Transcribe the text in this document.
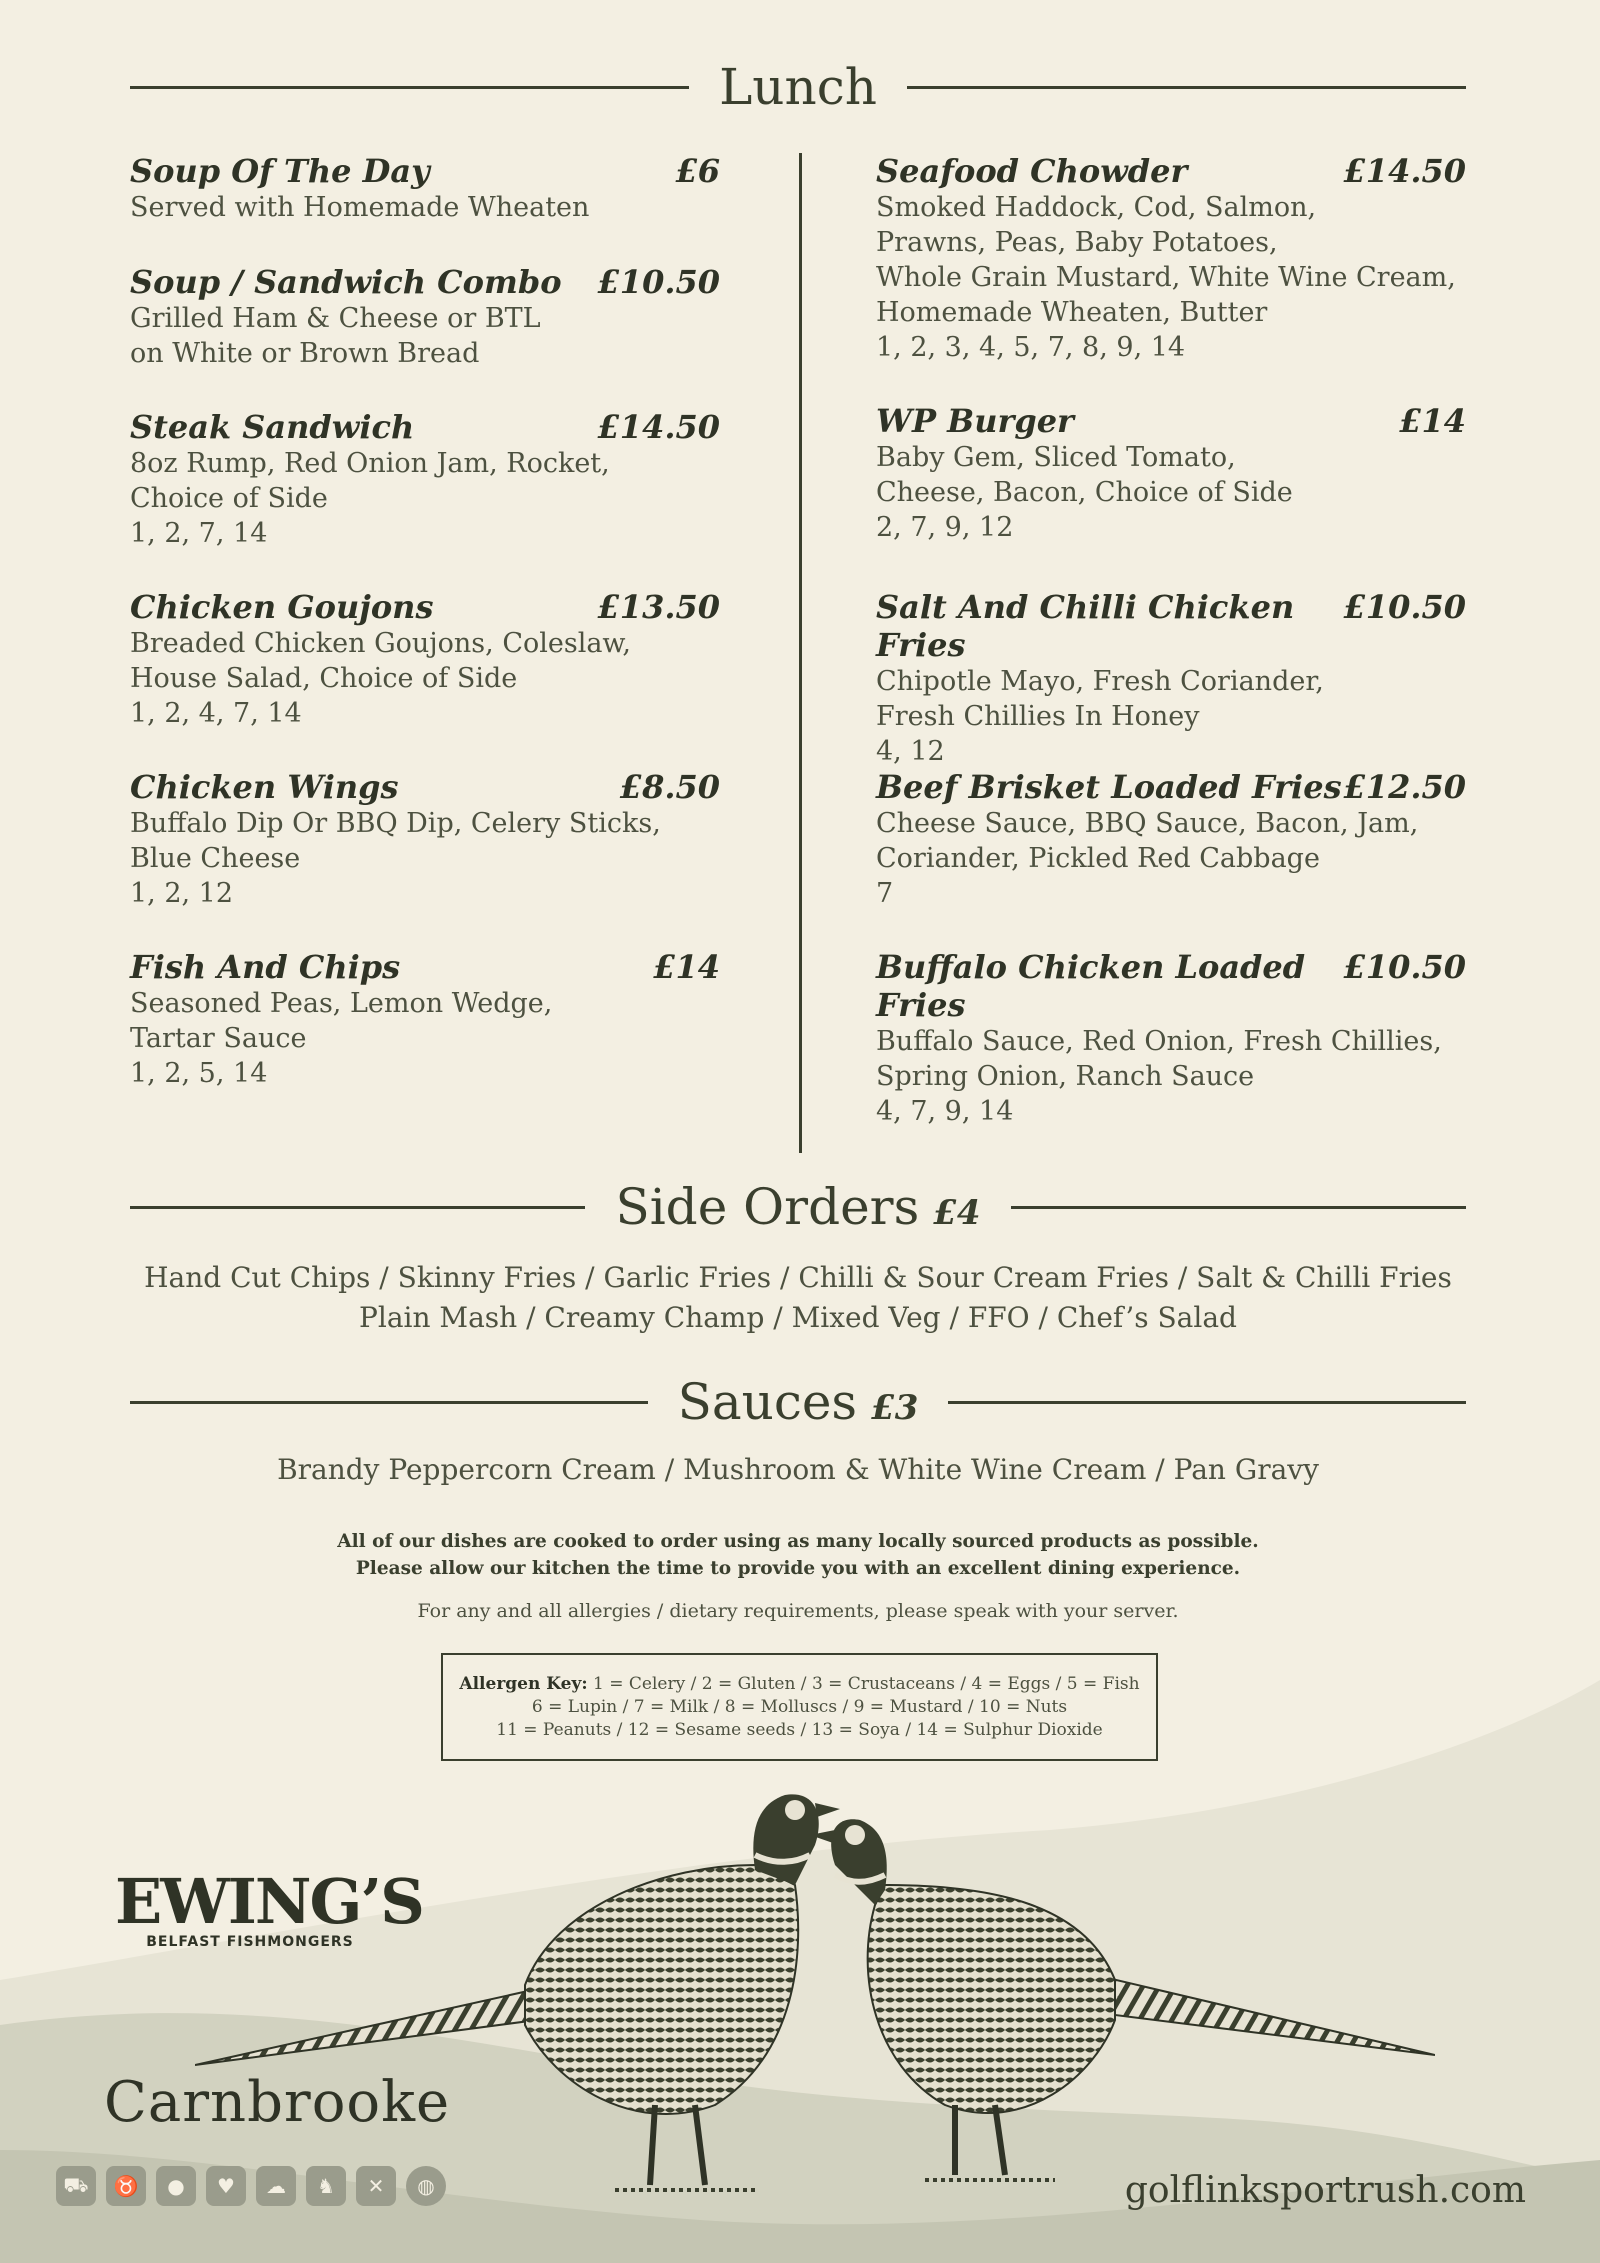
Lunch
Soup Of The Day	£6
Served with Homemade Wheaten
Soup / Sandwich Combo £10.50
Grilled Ham & Cheese or BTL
on White or Brown Bread
Steak Sandwich	£14.50
8oz Rump, Red Onion Jam, Rocket,
Choice of Side
1, 2, 7, 14
Chicken Goujons	£13.50
Breaded Chicken Goujons, Coleslaw,
House Salad, Choice of Side
1, 2, 4, 7, 14
Chicken Wings	£8.50
Buffalo Dip Or BBQ Dip, Celery Sticks,
Blue Cheese
1, 2, 12
Fish And Chips	£14
Seasoned Peas, Lemon Wedge,
Tartar Sauce
1, 2, 5, 14
Seafood Chowder	£14.50
Smoked Haddock, Cod, Salmon,
Prawns, Peas, Baby Potatoes,
Whole Grain Mustard, White Wine Cream,
Homemade Wheaten, Butter
1, 2, 3, 4, 5, 7, 8, 9, 14
WP Burger	£14
Baby Gem, Sliced Tomato,
Cheese, Bacon, Choice of Side
2, 7, 9, 12
Salt And Chilli Chicken Fries
£10.50
Chipotle Mayo, Fresh Coriander,
Fresh Chillies In Honey
4, 12
Beef Brisket Loaded Fries £12.50
Cheese Sauce, BBQ Sauce, Bacon, Jam,
Coriander, Pickled Red Cabbage
7
Buffalo Chicken Loaded Fries
£10.50
Buffalo Sauce, Red Onion, Fresh Chillies,
Spring Onion, Ranch Sauce
4, 7, 9, 14
Side Orders £4
Hand Cut Chips / Skinny Fries / Garlic Fries / Chilli & Sour Cream Fries / Salt & Chilli Fries
Plain Mash / Creamy Champ / Mixed Veg / FFO / Chef’s Salad
Sauces £3
Brandy Peppercorn Cream / Mushroom & White Wine Cream / Pan Gravy
All of our dishes are cooked to order using as many locally sourced products as possible.
Please allow our kitchen the time to provide you with an excellent dining experience.
For any and all allergies / dietary requirements, please speak with your server.
Allergen Key: 1 = Celery / 2 = Gluten / 3 = Crustaceans / 4 = Eggs / 5 = Fish
6 = Lupin / 7 = Milk / 8 = Molluscs / 9 = Mustard / 10 = Nuts
11 = Peanuts / 12 = Sesame seeds / 13 = Soya / 14 = Sulphur Dioxide
EWING’S
BELFAST FISHMONGERS
Carnbrooke
⛟	♉	●	♥	☁	♞	✕	◍	golflinksportrush.com
